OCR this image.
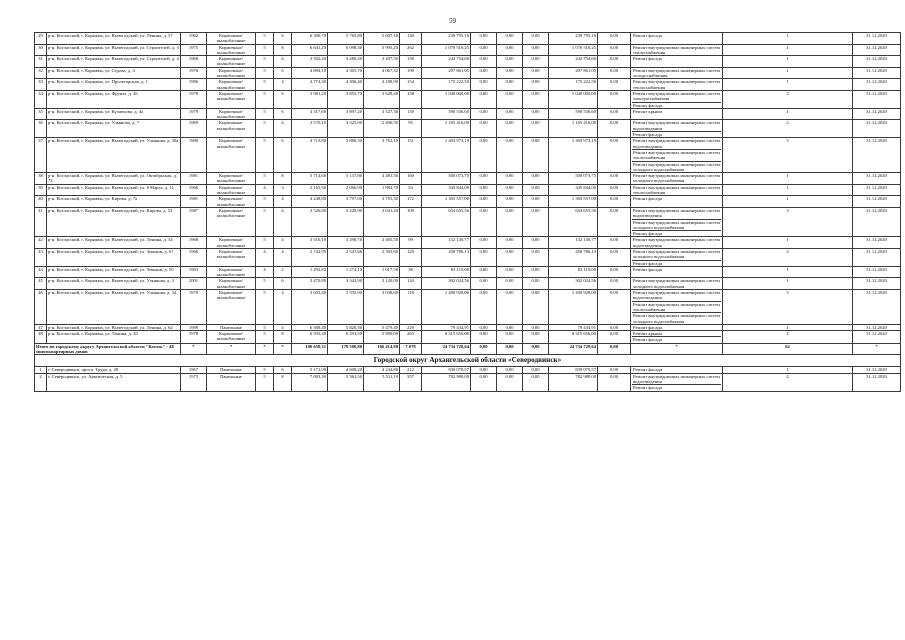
59
29	р-н. Котласский, г. Коряжма, ул. Вычегодский, ул. Ленина, д. 57	1962	Кирпичные/ шлакоблочные	5	6	6 306,70	5 765,80	5 607,10	130	239 795,16	0,00	0,00	0,00	239 795,16	0,00	Ремонт фасада	1	31.12.2020
30	р-н. Котласский, г. Коряжма, ул. Вычегодский, ул. Строителей, д. 3	1975	Кирпичные/ шлакоблочные	5	8	6 641,20	6 098,30	5 995,20	262	1 070 510,25	0,00	0,00	0,00	1 070 510,25	0,00	Ремонт внутридомовых инженерных систем теплоснабжения	1	31.12.2020
31	р-н. Котласский, г. Коряжма, ул. Вычегодский, ул. Строителей, д. 4	1968	Кирпичные/ шлакоблочные	5	4	3 502,20	3 280,20	3 207,50	130	242 754,60	0,00	0,00	0,00	242 754,60	0,00	Ремонт фасада	1	31.12.2020
32	р-н. Котласский, г. Коряжма, ул. Седова, д. 4	1976	Кирпичные/ шлакоблочные	5	6	4 894,10	4 305,70	4 067,32	190	207 861,05	0,00	0,00	0,00	207 861,05	0,00	Ремонт внутридомовых инженерных систем холодоснабжения	1	31.12.2020
33	р-н. Котласский, г. Коряжма, ул. Пролетарская, д. 1	1986	Кирпичные/ шлакоблочные	5	4	4 774,30	4 406,40	4 188,90	154	175 222,50	0,00	0,00	0,00	175 222,50	0,00	Ремонт внутридомовых инженерных систем теплоснабжения	1	31.12.2020
34	р-н. Котласский, г. Коряжма, ул. Фрунзе, д. 26	1978	Кирпичные/ шлакоблочные	5	6	3 981,20	3 855,70	3 628,40	158	1 040 000,00	0,00	0,00	0,00	1 040 000,00	0,00	Ремонт внутридомовых инженерных систем электроснабжения
Ремонт фасада	2	31.12.2020
35	р-н. Котласский, г. Коряжма, ул. Кузнецова, д. 4а	1979	Кирпичные/ шлакоблочные	5	6	4 317,60	3 897,20	3 527,30	139	590 536,60	0,00	0,00	0,00	590 536,60	0,00	Ремонт крыши	1	31.12.2020
36	р-н. Котласский, г. Коряжма, ул. Ульянова, д. 7	1969	Кирпичные/ шлакоблочные	5	4	3 570,10	3 325,00	2 496,50	95	1 165 416,00	0,00	0,00	0,00	1 165 416,00	0,00	Ремонт внутридомовых инженерных систем водоотведения
Ремонт фасада	2	31.12.2020
37	р-н. Котласский, г. Коряжма, ул. Вычегодский, ул. Ульянова, д. 30а	1980	Кирпичные/ шлакоблочные	5	6	4 713,80	3 886,30	3 762,10	151	1 403 973,19	0,00	0,00	0,00	1 403 973,19	0,00	Ремонт внутридомовых инженерных систем водоотведения
Ремонт внутридомовых инженерных систем теплоснабжения
Ремонт внутридомовых инженерных систем холодного водоснабжения	3	31.12.2020
38	р-н. Котласский, г. Коряжма, ул. Вычегодский, ул. Октябрьская, д. 73	1981	Кирпичные/ шлакоблочные	5	8	5 714,60	5 137,80	4 481,30	160	500 073,75	0,00	0,00	0,00	500 073,75	0,00	Ремонт внутридомовых инженерных систем холодного водоснабжения	1	31.12.2020
39	р-н. Котласский, г. Коряжма, ул. Вычегодский, ул. 8 Марта, д. 11	1966	Кирпичные/ шлакоблочные	4	3	2 165,30	2 066,90	1 884,70	54	345 844,00	0,00	0,00	0,00	345 844,00	0,00	Ремонт внутридомовых инженерных систем теплоснабжения	1	31.12.2020
40	р-н. Котласский, г. Коряжма, ул. Кирова, д. 7а	1981	Кирпичные/ шлакоблочные	5	4	4 248,80	3 797,00	3 755,30	172	1 305 557,00	0,00	0,00	0,00	1 305 557,00	0,00	Ремонт фасада	1	31.12.2020
41	р-н. Котласский, г. Коряжма, ул. Вычегодский, ул. Кирова, д. 52	1987	Кирпичные/ шлакоблочные	5	4	3 526,80	3 228,90	3 041,20	109	654 655,56	0,00	0,00	0,00	654 655,56	0,00	Ремонт внутридомовых инженерных систем водоотведения
Ремонт внутридомовых инженерных систем холодного водоснабжения
Ремонт фасада	3	31.12.2020
42	р-н. Котласский, г. Коряжма, ул. Вычегодский, ул. Ленина, д. 54	1968	Кирпичные/ шлакоблочные	5	4	3 510,10	3 290,70	2 465,50	99	132 130,77	0,00	0,00	0,00	132 130,77	0,00	Ремонт внутридомовых инженерных систем водоотведения	1	31.12.2020
43	р-н. Котласский, г. Коряжма, ул. Вычегодский, ул. Зеньков, д. 67	1966	Кирпичные/ шлакоблочные	4	4	2 742,95	2 547,66	2 393,60	129	458 786,13	0,00	0,00	0,00	458 786,13	0,00	Ремонт внутридомовых инженерных систем холодного водоснабжения
Ремонт фасада	2	31.12.2020
44	р-н. Котласский, г. Коряжма, ул. Вычегодский, ул. Зеньков, д. 50	1963	Кирпичные/ шлакоблочные	4	2	1 292,82	1 274,10	1 017,50	38	83 119,00	0,00	0,00	0,00	83 119,00	0,00	Ремонт фасада	1	31.12.2020
45	р-н. Котласский, г. Коряжма, ул. Вычегодский, ул. Ульянова, д. 3	2001	Кирпичные/ шлакоблочные	5	6	3 470,80	3 343,90	3 120,00	134	302 024,56	0,00	0,00	0,00	302 024,56	0,00	Ремонт внутридомовых инженерных систем холодного водоснабжения	1	31.12.2020
46	р-н. Котласский, г. Коряжма, ул. Вычегодский, ул. Ульянова, д. 34	1978	Кирпичные/ шлакоблочные	5	4	3 603,40	3 335,90	3 038,60	118	1 400 928,00	0,00	0,00	0,00	1 400 928,00	0,00	Ремонт внутридомовых инженерных систем водоотведения
Ремонт внутридомовых инженерных систем теплоснабжения
Ремонт внутридомовых инженерных систем холодного водоснабжения	3	31.12.2020
47	р-н. Котласский, г. Коряжма, ул. Вычегодский, ул. Ленина, д. 62	1989	Панельные	5	4	6 308,40	5 826,50	5 479,40	229	79 434,91	0,00	0,00	0,00	79 434,91	0,00	Ремонт фасада	1	31.12.2020
48	р-н. Котласский, г. Коряжма, ул. Ленина, д. 30	1978	Кирпичные/ шлакоблочные	5	8	6 593,40	6 291,50	5 889,09	265	8 315 656,00	0,00	0,00	0,00	8 315 656,00	0,00	Ремонт крыши
Ремонт фасада	2	31.12.2020
Итого по городскому округу Архангельской области "Котлас" - 48 многоквартирных домов		*	*	*	*	186 658,31	178 580,80	166 414,98	7 078	24 734 728,64	0,00	0,00	0,00	24 734 728,64	0,00	*	62	*
Городской округ Архангельской области «Северодвинск»																		
1	г. Северодвинск, просп. Труда, д. 28	1967	Панельные	5	6	5 171,00	4 608,20	4 244,80	212	830 070,57	0,00	0,00	0,00	830 070,57	0,00	Ремонт фасада	1	31.12.2020
2	г. Северодвинск, ул. Арктическая, д. 5	1973	Панельные	5	8	7 003,30	5 561,50	5 511,19	357	782 980,00	0,00	0,00	0,00	782 980,00	0,00	Ремонт внутридомовых инженерных систем водоотведения
Ремонт фасада	2	31.12.2020
